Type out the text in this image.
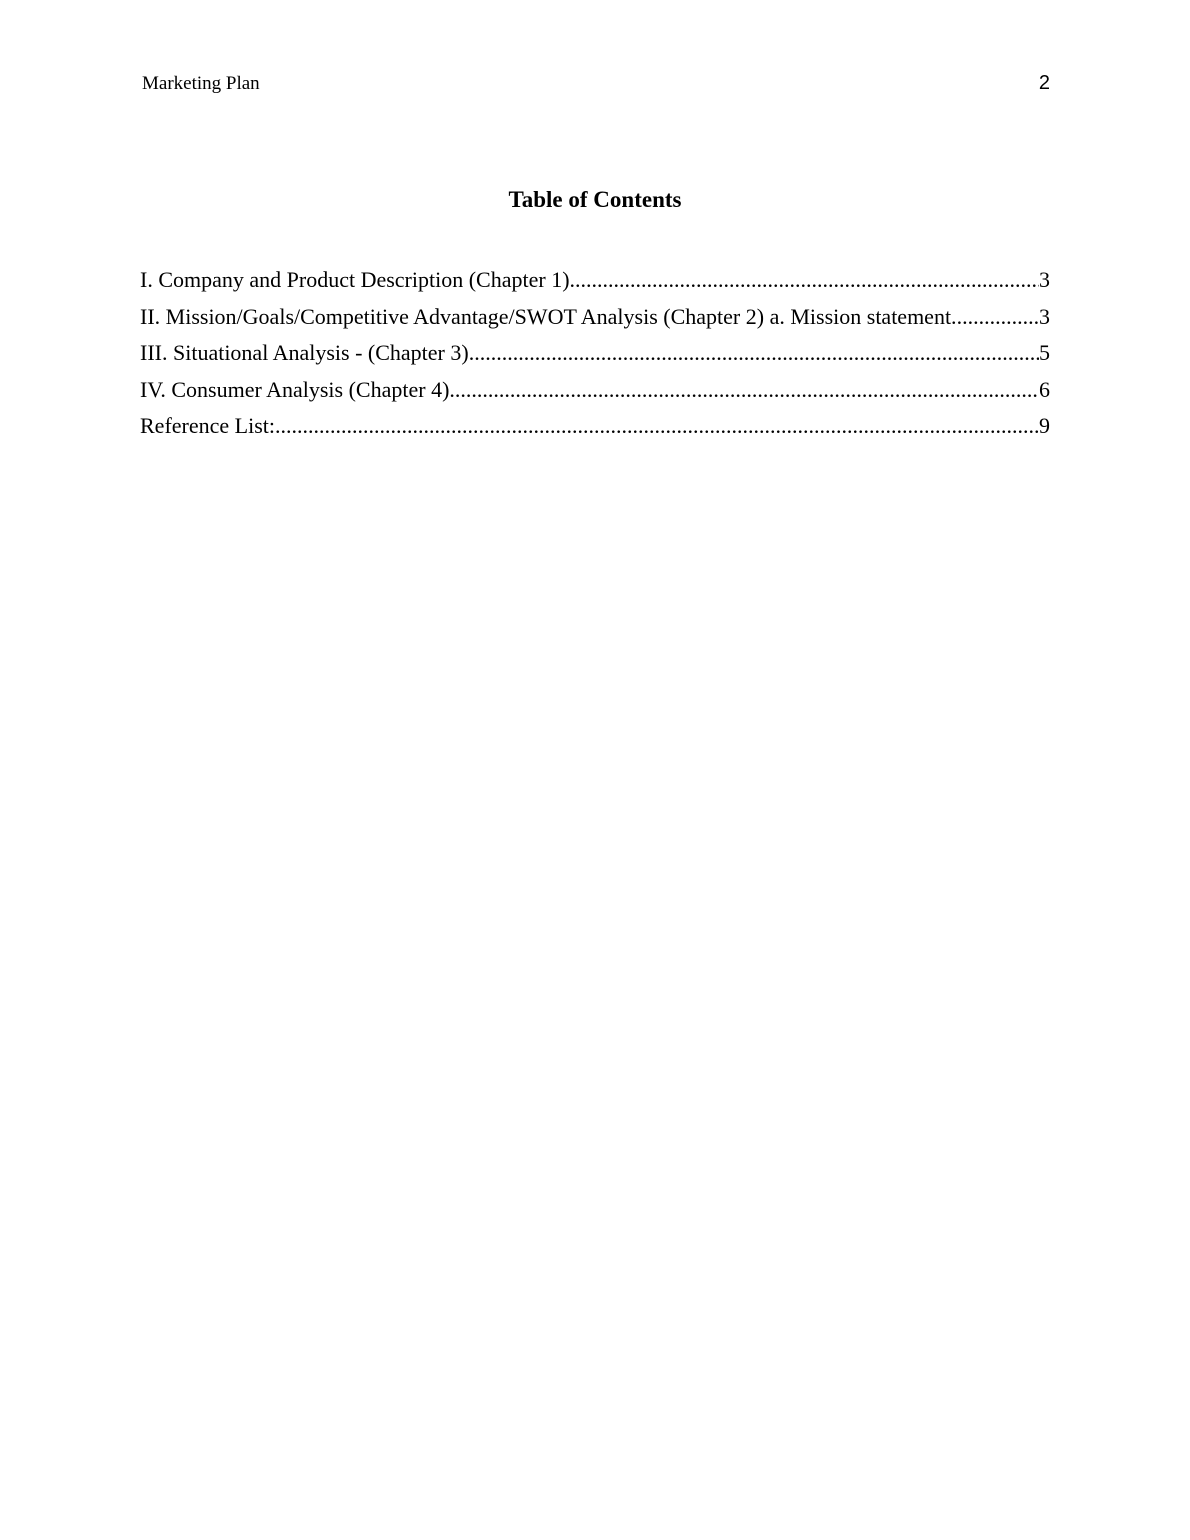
Marketing Plan	2
Table of Contents
I. Company and Product Description (Chapter 1) .....	3
II. Mission/Goals/Competitive Advantage/SWOT Analysis (Chapter 2) a. Mission statement. .....	3
III. Situational Analysis - (Chapter 3) .....	5
IV. Consumer Analysis (Chapter 4) .....	6
Reference List: .....	9
